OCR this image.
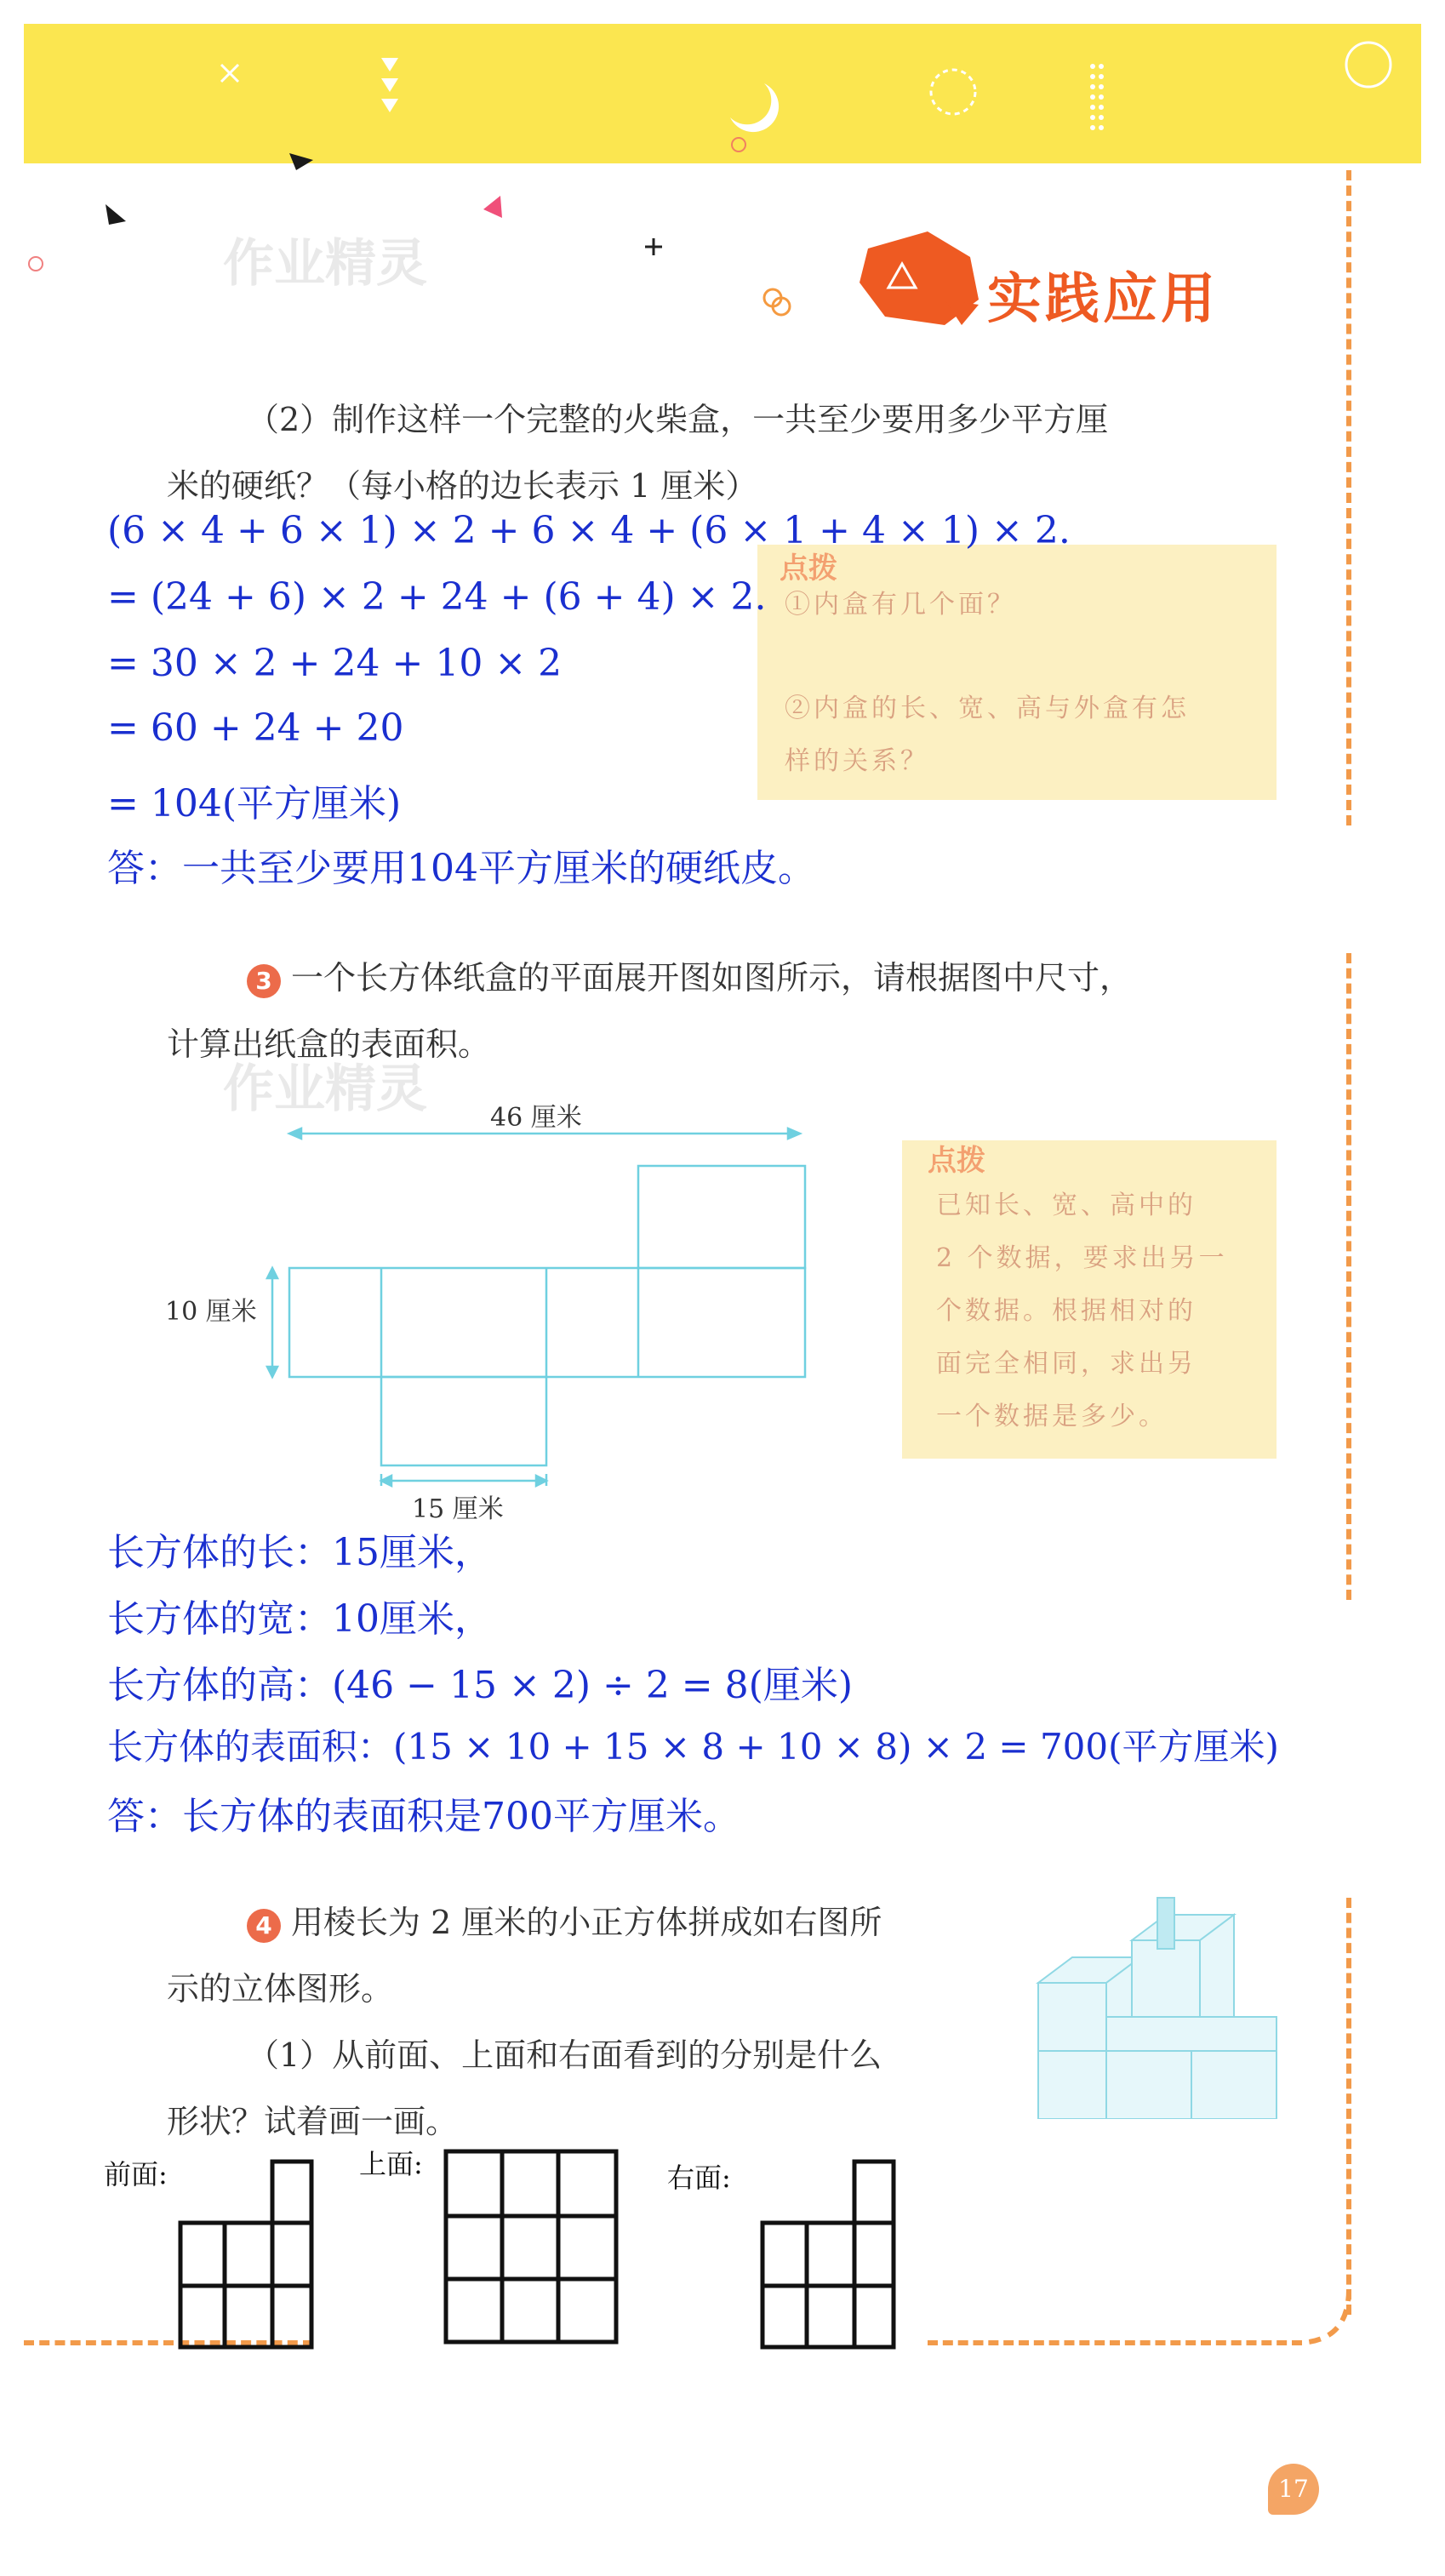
作业精灵
实践应用
（2）制作这样一个完整的火柴盒，一共至少要用多少平方厘
米的硬纸？（每小格的边长表示 1 厘米）
点拨
①内盒有几个面？
②内盒的长、宽、高与外盒有怎
样的关系？
(6 × 4 + 6 × 1) × 2 + 6 × 4 + (6 × 1 + 4 × 1) × 2.
= (24 + 6) × 2 + 24 + (6 + 4) × 2.
= 30 × 2 + 24 + 10 × 2
= 60 + 24 + 20
= 104(平方厘米)
答：一共至少要用104平方厘米的硬纸皮。
3 一个长方体纸盒的平面展开图如图所示，请根据图中尺寸，
计算出纸盒的表面积。
作业精灵 46 厘米
10 厘米
15 厘米
点拨
已知长、宽、高中的
2 个数据，要求出另一
个数据。根据相对的
面完全相同，求出另
一个数据是多少。
长方体的长：15厘米，
长方体的宽：10厘米，
长方体的高：(46 − 15 × 2) ÷ 2 = 8(厘米)
长方体的表面积：(15 × 10 + 15 × 8 + 10 × 8) × 2 = 700(平方厘米)
答：长方体的表面积是700平方厘米。
4 用棱长为 2 厘米的小正方体拼成如右图所
示的立体图形。
（1）从前面、上面和右面看到的分别是什么
形状？试着画一画。
前面:	上面:	右面:
17
